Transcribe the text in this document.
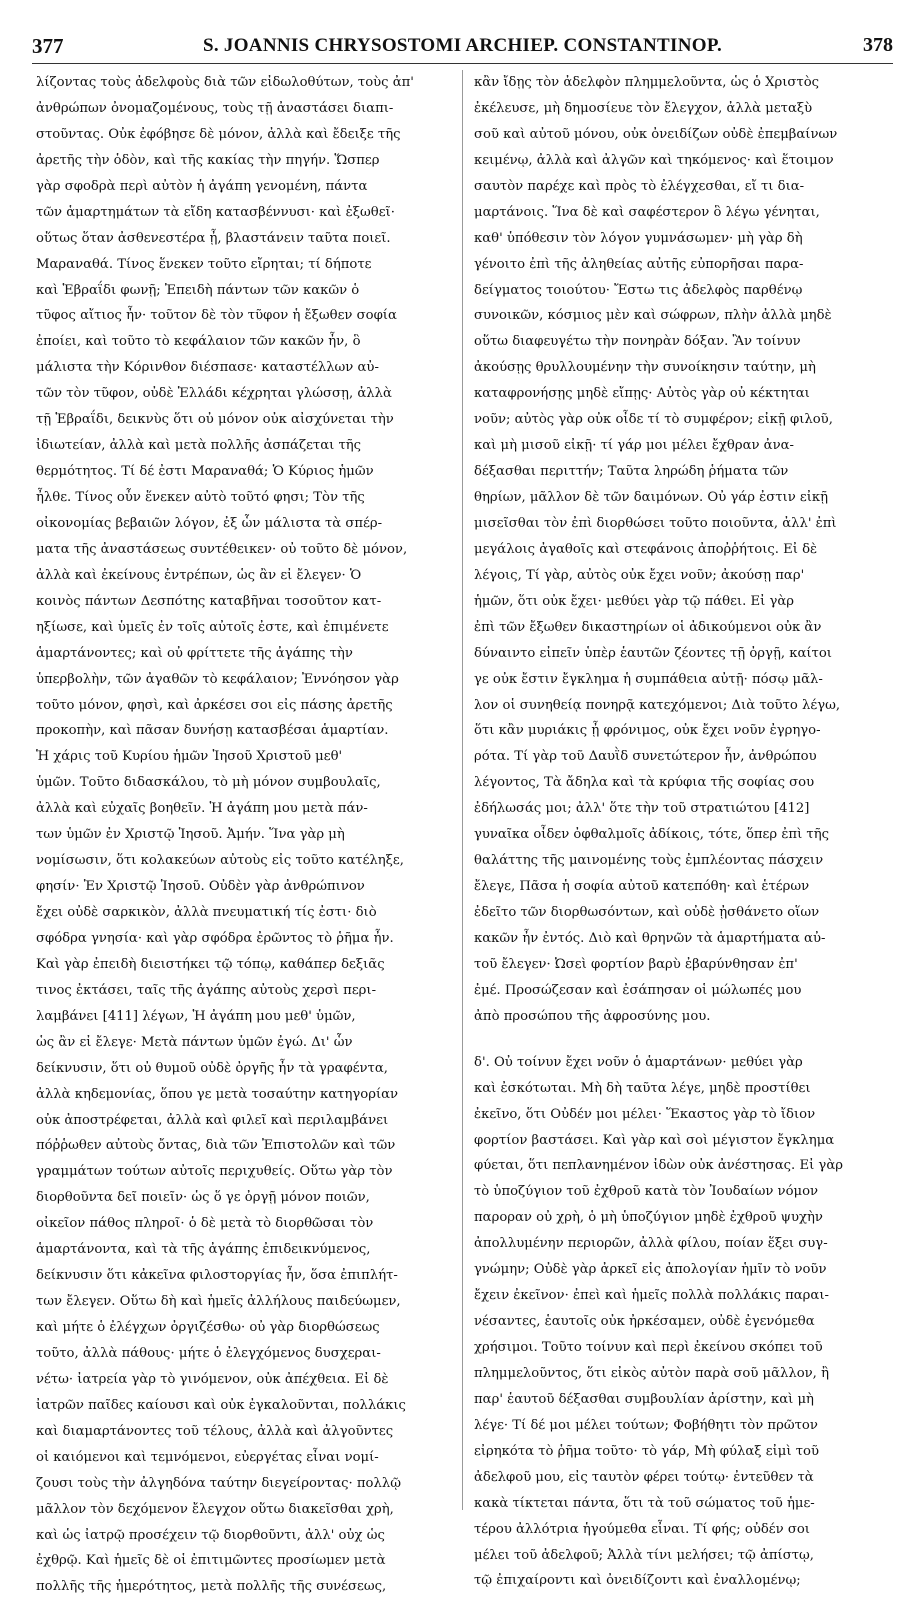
377	S. JOANNIS CHRYSOSTOMI ARCHIEP. CONSTANTINOP.	378
λίζοντας τοὺς ἀδελφοὺς διὰ τῶν εἰδωλοθύτων, τοὺς ἀπ'
ἀνθρώπων ὀνομαζομένους, τοὺς τῇ ἀναστάσει διαπι-
στοῦντας. Οὐκ ἐφόβησε δὲ μόνον, ἀλλὰ καὶ ἔδειξε τῆς
ἀρετῆς τὴν ὁδὸν, καὶ τῆς κακίας τὴν πηγήν. Ὥσπερ
γὰρ σφοδρὰ περὶ αὐτὸν ἡ ἀγάπη γενομένη, πάντα
τῶν ἁμαρτημάτων τὰ εἴδη κατασβέννυσι· καὶ ἐξωθεῖ·
οὕτως ὅταν ἀσθενεστέρα ᾖ, βλαστάνειν ταῦτα ποιεῖ.
Μαραναθά. Τίνος ἕνεκεν τοῦτο εἴρηται; τί δήποτε
καὶ Ἑβραΐδι φωνῇ; Ἐπειδὴ πάντων τῶν κακῶν ὁ
τῦφος αἴτιος ἦν· τοῦτον δὲ τὸν τῦφον ἡ ἔξωθεν σοφία
ἐποίει, καὶ τοῦτο τὸ κεφάλαιον τῶν κακῶν ἦν, ὃ
μάλιστα τὴν Κόρινθον διέσπασε· καταστέλλων αὐ-
τῶν τὸν τῦφον, οὐδὲ Ἑλλάδι κέχρηται γλώσσῃ, ἀλλὰ
τῇ Ἑβραΐδι, δεικνὺς ὅτι οὐ μόνον οὐκ αἰσχύνεται τὴν
ἰδιωτείαν, ἀλλὰ καὶ μετὰ πολλῆς ἀσπάζεται τῆς
θερμότητος. Τί δέ ἐστι Μαραναθά; Ὁ Κύριος ἡμῶν
ἦλθε. Τίνος οὖν ἕνεκεν αὐτὸ τοῦτό φησι; Τὸν τῆς
οἰκονομίας βεβαιῶν λόγον, ἐξ ὧν μάλιστα τὰ σπέρ-
ματα τῆς ἀναστάσεως συντέθεικεν· οὐ τοῦτο δὲ μόνον,
ἀλλὰ καὶ ἐκείνους ἐντρέπων, ὡς ἂν εἰ ἔλεγεν· Ὁ
κοινὸς πάντων Δεσπότης καταβῆναι τοσοῦτον κατ-
ηξίωσε, καὶ ὑμεῖς ἐν τοῖς αὐτοῖς ἐστε, καὶ ἐπιμένετε
ἁμαρτάνοντες; καὶ οὐ φρίττετε τῆς ἀγάπης τὴν
ὑπερβολὴν, τῶν ἀγαθῶν τὸ κεφάλαιον; Ἐννόησον γὰρ
τοῦτο μόνον, φησὶ, καὶ ἀρκέσει σοι εἰς πάσης ἀρετῆς
προκοπὴν, καὶ πᾶσαν δυνήσῃ κατασβέσαι ἁμαρτίαν.
Ἡ χάρις τοῦ Κυρίου ἡμῶν Ἰησοῦ Χριστοῦ μεθ'
ὑμῶν. Τοῦτο διδασκάλου, τὸ μὴ μόνον συμβουλαῖς,
ἀλλὰ καὶ εὐχαῖς βοηθεῖν. Ἡ ἀγάπη μου μετὰ πάν-
των ὑμῶν ἐν Χριστῷ Ἰησοῦ. Ἀμήν. Ἵνα γὰρ μὴ
νομίσωσιν, ὅτι κολακεύων αὐτοὺς εἰς τοῦτο κατέληξε,
φησίν· Ἐν Χριστῷ Ἰησοῦ. Οὐδὲν γὰρ ἀνθρώπινον
ἔχει οὐδὲ σαρκικὸν, ἀλλὰ πνευματική τίς ἐστι· διὸ
σφόδρα γνησία· καὶ γὰρ σφόδρα ἐρῶντος τὸ ῥῆμα ἦν.
Καὶ γὰρ ἐπειδὴ διειστήκει τῷ τόπῳ, καθάπερ δεξιᾶς
τινος ἐκτάσει, ταῖς τῆς ἀγάπης αὐτοὺς χερσὶ περι-
λαμβάνει [411] λέγων, Ἡ ἀγάπη μου μεθ' ὑμῶν,
ὡς ἂν εἰ ἔλεγε· Μετὰ πάντων ὑμῶν ἐγώ. Δι' ὧν
δείκνυσιν, ὅτι οὐ θυμοῦ οὐδὲ ὀργῆς ἦν τὰ γραφέντα,
ἀλλὰ κηδεμονίας, ὅπου γε μετὰ τοσαύτην κατηγορίαν
οὐκ ἀποστρέφεται, ἀλλὰ καὶ φιλεῖ καὶ περιλαμβάνει
πόῤῥωθεν αὐτοὺς ὄντας, διὰ τῶν Ἐπιστολῶν καὶ τῶν
γραμμάτων τούτων αὐτοῖς περιχυθείς. Οὕτω γὰρ τὸν
διορθοῦντα δεῖ ποιεῖν· ὡς ὅ γε ὀργῇ μόνον ποιῶν,
οἰκεῖον πάθος πληροῖ· ὁ δὲ μετὰ τὸ διορθῶσαι τὸν
ἁμαρτάνοντα, καὶ τὰ τῆς ἀγάπης ἐπιδεικνύμενος,
δείκνυσιν ὅτι κἀκεῖνα φιλοστοργίας ἦν, ὅσα ἐπιπλήτ-
των ἔλεγεν. Οὕτω δὴ καὶ ἡμεῖς ἀλλήλους παιδεύωμεν,
καὶ μήτε ὁ ἐλέγχων ὀργιζέσθω· οὐ γὰρ διορθώσεως
τοῦτο, ἀλλὰ πάθους· μήτε ὁ ἐλεγχόμενος δυσχεραι-
νέτω· ἰατρεία γὰρ τὸ γινόμενον, οὐκ ἀπέχθεια. Εἰ δὲ
ἰατρῶν παῖδες καίουσι καὶ οὐκ ἐγκαλοῦνται, πολλάκις
καὶ διαμαρτάνοντες τοῦ τέλους, ἀλλὰ καὶ ἀλγοῦντες
οἱ καιόμενοι καὶ τεμνόμενοι, εὐεργέτας εἶναι νομί-
ζουσι τοὺς τὴν ἀλγηδόνα ταύτην διεγείροντας· πολλῷ
μᾶλλον τὸν δεχόμενον ἔλεγχον οὕτω διακεῖσθαι χρὴ,
καὶ ὡς ἰατρῷ προσέχειν τῷ διορθοῦντι, ἀλλ' οὐχ ὡς
ἐχθρῷ. Καὶ ἡμεῖς δὲ οἱ ἐπιτιμῶντες προσίωμεν μετὰ
πολλῆς τῆς ἡμερότητος, μετὰ πολλῆς τῆς συνέσεως,
κἂν ἴδῃς τὸν ἀδελφὸν πλημμελοῦντα, ὡς ὁ Χριστὸς
ἐκέλευσε, μὴ δημοσίευε τὸν ἔλεγχον, ἀλλὰ μεταξὺ
σοῦ καὶ αὐτοῦ μόνου, οὐκ ὀνειδίζων οὐδὲ ἐπεμβαίνων
κειμένῳ, ἀλλὰ καὶ ἀλγῶν καὶ τηκόμενος· καὶ ἕτοιμον
σαυτὸν παρέχε καὶ πρὸς τὸ ἐλέγχεσθαι, εἴ τι δια-
μαρτάνοις. Ἵνα δὲ καὶ σαφέστερον ὃ λέγω γένηται,
καθ' ὑπόθεσιν τὸν λόγον γυμνάσωμεν· μὴ γὰρ δὴ
γένοιτο ἐπὶ τῆς ἀληθείας αὐτῆς εὐπορῆσαι παρα-
δείγματος τοιούτου· Ἔστω τις ἀδελφὸς παρθένῳ
συνοικῶν, κόσμιος μὲν καὶ σώφρων, πλὴν ἀλλὰ μηδὲ
οὕτω διαφευγέτω τὴν πονηρὰν δόξαν. Ἂν τοίνυν
ἀκούσῃς θρυλλουμένην τὴν συνοίκησιν ταύτην, μὴ
καταφρονήσῃς μηδὲ εἴπῃς· Αὐτὸς γὰρ οὐ κέκτηται
νοῦν; αὐτὸς γὰρ οὐκ οἶδε τί τὸ συμφέρον; εἰκῇ φιλοῦ,
καὶ μὴ μισοῦ εἰκῇ· τί γάρ μοι μέλει ἔχθραν ἀνα-
δέξασθαι περιττήν; Ταῦτα ληρώδη ῥήματα τῶν
θηρίων, μᾶλλον δὲ τῶν δαιμόνων. Οὐ γάρ ἐστιν εἰκῇ
μισεῖσθαι τὸν ἐπὶ διορθώσει τοῦτο ποιοῦντα, ἀλλ' ἐπὶ
μεγάλοις ἀγαθοῖς καὶ στεφάνοις ἀποῤῥήτοις. Εἰ δὲ
λέγοις, Τί γὰρ, αὐτὸς οὐκ ἔχει νοῦν; ἀκούσῃ παρ'
ἡμῶν, ὅτι οὐκ ἔχει· μεθύει γὰρ τῷ πάθει. Εἰ γὰρ
ἐπὶ τῶν ἔξωθεν δικαστηρίων οἱ ἀδικούμενοι οὐκ ἂν
δύναιντο εἰπεῖν ὑπὲρ ἑαυτῶν ζέοντες τῇ ὀργῇ, καίτοι
γε οὐκ ἔστιν ἔγκλημα ἡ συμπάθεια αὐτῇ· πόσῳ μᾶλ-
λον οἱ συνηθείᾳ πονηρᾷ κατεχόμενοι; Διὰ τοῦτο λέγω,
ὅτι κἂν μυριάκις ᾖ φρόνιμος, οὐκ ἔχει νοῦν ἐγρηγο-
ρότα. Τί γὰρ τοῦ Δαυῒδ συνετώτερον ἦν, ἀνθρώπου
λέγοντος, Τὰ ἄδηλα καὶ τὰ κρύφια τῆς σοφίας σου
ἐδήλωσάς μοι; ἀλλ' ὅτε τὴν τοῦ στρατιώτου [412]
γυναῖκα οἶδεν ὀφθαλμοῖς ἀδίκοις, τότε, ὅπερ ἐπὶ τῆς
θαλάττης τῆς μαινομένης τοὺς ἐμπλέοντας πάσχειν
ἔλεγε, Πᾶσα ἡ σοφία αὐτοῦ κατεπόθη· καὶ ἑτέρων
ἐδεῖτο τῶν διορθωσόντων, καὶ οὐδὲ ᾐσθάνετο οἵων
κακῶν ἦν ἐντός. Διὸ καὶ θρηνῶν τὰ ἁμαρτήματα αὐ-
τοῦ ἔλεγεν· Ὠσεὶ φορτίον βαρὺ ἐβαρύνθησαν ἐπ'
ἐμέ. Προσώζεσαν καὶ ἐσάπησαν οἱ μώλωπές μου
ἀπὸ προσώπου τῆς ἀφροσύνης μου.
δ'. Οὐ τοίνυν ἔχει νοῦν ὁ ἁμαρτάνων· μεθύει γὰρ
καὶ ἐσκότωται. Μὴ δὴ ταῦτα λέγε, μηδὲ προστίθει
ἐκεῖνο, ὅτι Οὐδέν μοι μέλει· Ἕκαστος γὰρ τὸ ἴδιον
φορτίον βαστάσει. Καὶ γὰρ καὶ σοὶ μέγιστον ἔγκλημα
φύεται, ὅτι πεπλανημένον ἰδὼν οὐκ ἀνέστησας. Εἰ γὰρ
τὸ ὑποζύγιον τοῦ ἐχθροῦ κατὰ τὸν Ἰουδαίων νόμον
παροραν οὐ χρὴ, ὁ μὴ ὑποζύγιον μηδὲ ἐχθροῦ ψυχὴν
ἀπολλυμένην περιορῶν, ἀλλὰ φίλου, ποίαν ἕξει συγ-
γνώμην; Οὐδὲ γὰρ ἀρκεῖ εἰς ἀπολογίαν ἡμῖν τὸ νοῦν
ἔχειν ἐκεῖνον· ἐπεὶ καὶ ἡμεῖς πολλὰ πολλάκις παραι-
νέσαντες, ἑαυτοῖς οὐκ ἠρκέσαμεν, οὐδὲ ἐγενόμεθα
χρήσιμοι. Τοῦτο τοίνυν καὶ περὶ ἐκείνου σκόπει τοῦ
πλημμελοῦντος, ὅτι εἰκὸς αὐτὸν παρὰ σοῦ μᾶλλον, ἢ
παρ' ἑαυτοῦ δέξασθαι συμβουλίαν ἀρίστην, καὶ μὴ
λέγε· Τί δέ μοι μέλει τούτων; Φοβήθητι τὸν πρῶτον
εἰρηκότα τὸ ῥῆμα τοῦτο· τὸ γάρ, Μὴ φύλαξ εἰμὶ τοῦ
ἀδελφοῦ μου, εἰς ταυτὸν φέρει τούτῳ· ἐντεῦθεν τὰ
κακὰ τίκτεται πάντα, ὅτι τὰ τοῦ σώματος τοῦ ἡμε-
τέρου ἀλλότρια ἡγούμεθα εἶναι. Τί φής; οὐδέν σοι
μέλει τοῦ ἀδελφοῦ; Ἀλλὰ τίνι μελήσει; τῷ ἀπίστῳ,
τῷ ἐπιχαίροντι καὶ ὀνειδίζοντι καὶ ἐναλλομένῳ;
